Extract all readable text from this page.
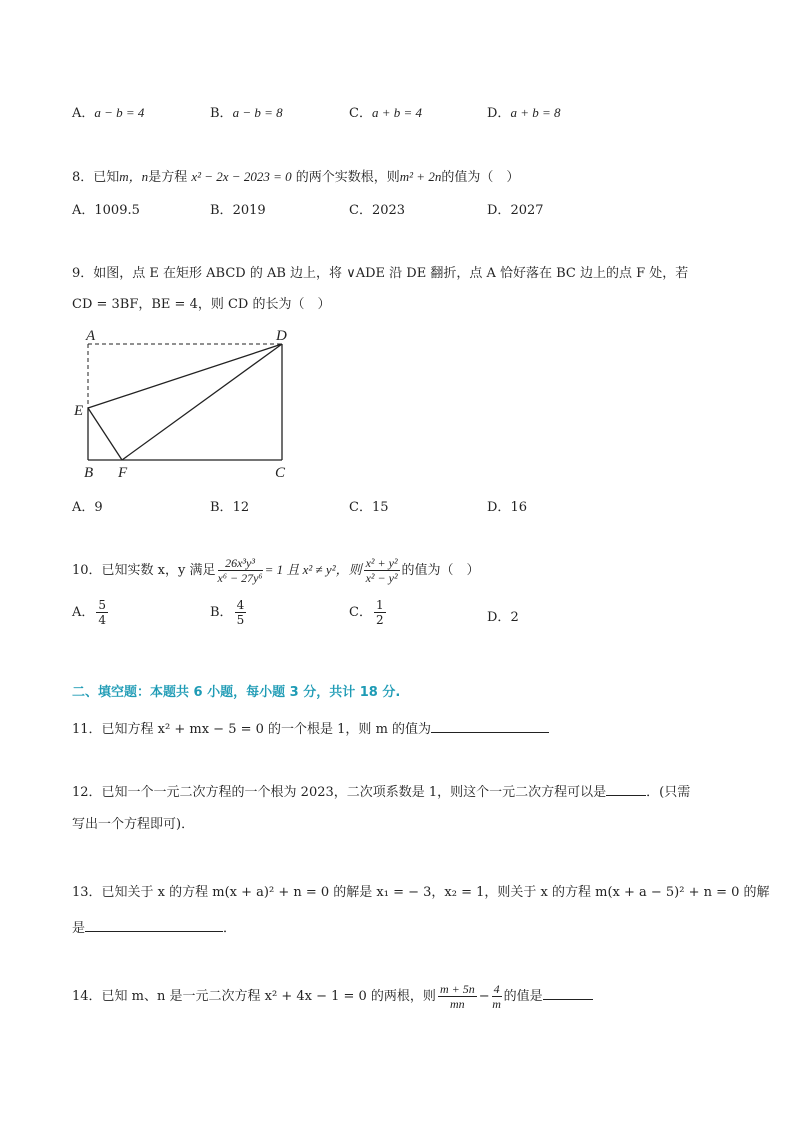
A．a − b = 4	B．a − b = 8	C．a + b = 4	D．a + b = 8
8．已知m，n是方程 x² − 2x − 2023 = 0 的两个实数根，则m² + 2n的值为（　）
A．1009.5	B．2019	C．2023	D．2027
9．如图，点 E 在矩形 ABCD 的 AB 边上，将 ∨ADE 沿 DE 翻折，点 A 恰好落在 BC 边上的点 F 处，若
CD = 3BF，BE = 4，则 CD 的长为（　）
A	D
E
B F	C
A．9	B．12	C．15	D．16
10．已知实数 x，y 满足 $\frac{\text{26x³y³}}{\text{x⁶ − 27y⁶}} = 1$ 且 x² ≠ y²，则 $\frac{\text{x² + y²}}{\text{x² − y²}}$ 的值为（　）
A． $\frac{5}{4}$	B． $\frac{4}{5}$	C． $\frac{1}{2}$	D．2
二、填空题：本题共 6 小题，每小题 3 分，共计 18 分.
11．已知方程 x² + mx − 5 = 0 的一个根是 1，则 m 的值为
12．已知一个一元二次方程的一个根为 2023，二次项系数是 1，则这个一元二次方程可以是	．(只需
写出一个方程即可)．
13．已知关于 x 的方程 m(x + a)² + n = 0 的解是 x₁ = − 3，x₂ = 1，则关于 x 的方程 m(x + a − 5)² + n = 0 的解
是	．
14．已知 m、n 是一元二次方程 x² + 4x − 1 = 0 的两根，则 $\frac{m + 5n}{mn} - \frac{4}{m}$ 的值是
